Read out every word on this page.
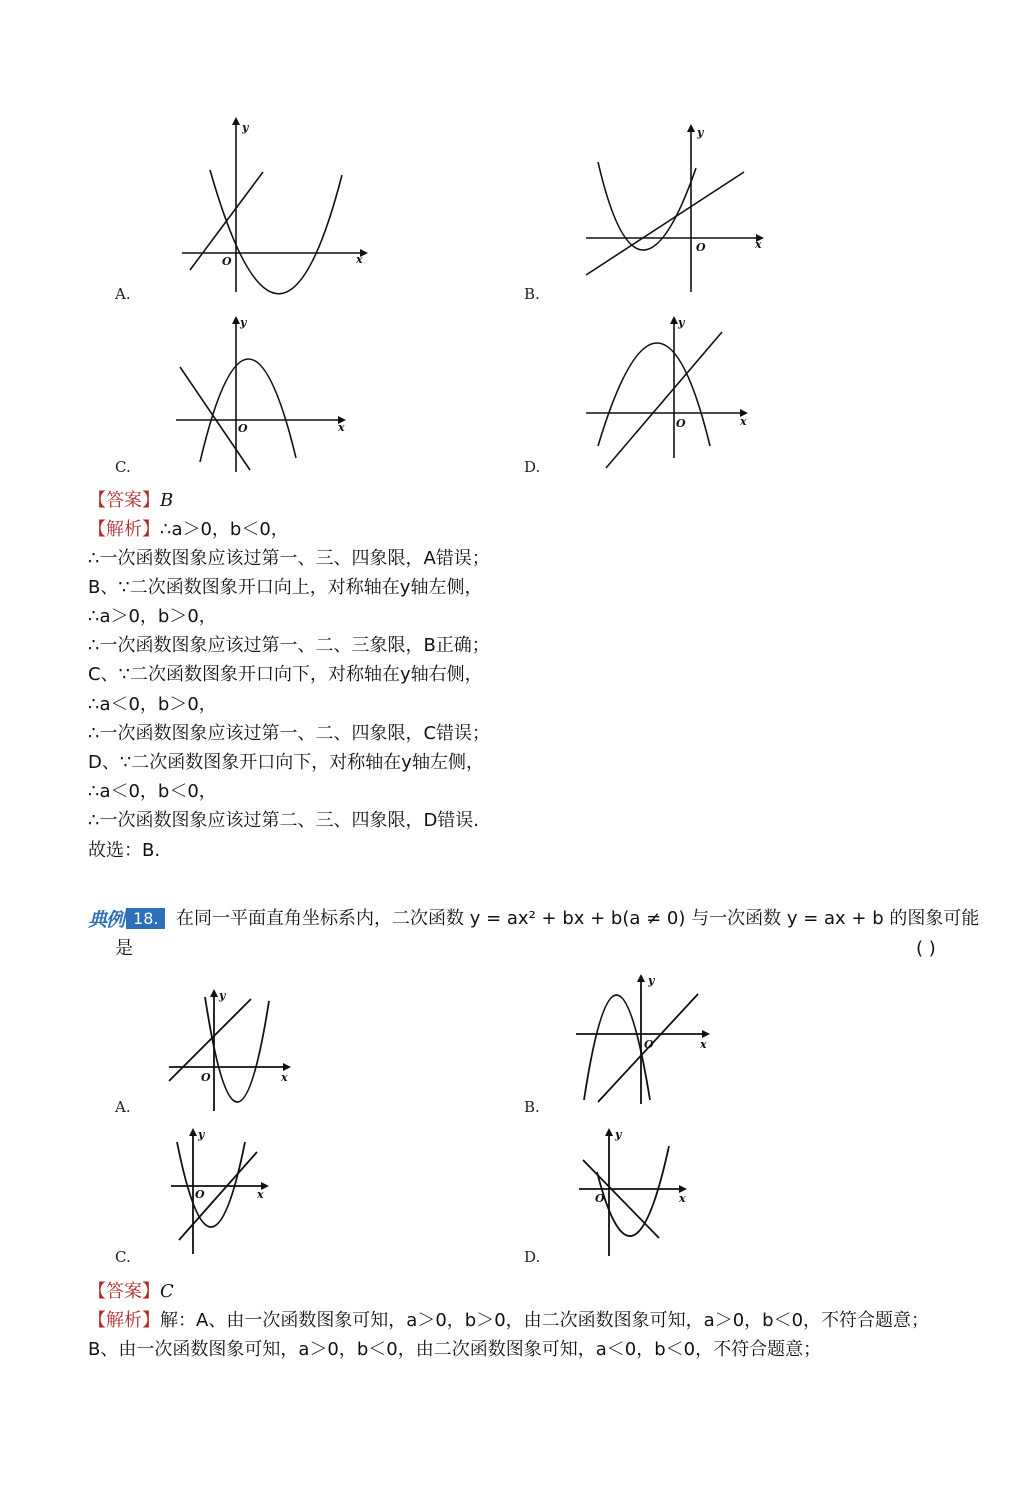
y
x
O
A.
y
x
O
B.
y
x
O
C.
y
x
O
D.
【答案】B
【解析】∴a＞0，b＜0，
∴一次函数图象应该过第一、三、四象限，A错误；
B、∵二次函数图象开口向上，对称轴在y轴左侧，
∴a＞0，b＞0，
∴一次函数图象应该过第一、二、三象限，B正确；
C、∵二次函数图象开口向下，对称轴在y轴右侧，
∴a＜0，b＞0，
∴一次函数图象应该过第一、二、四象限，C错误；
D、∵二次函数图象开口向下，对称轴在y轴左侧，
∴a＜0，b＜0，
∴一次函数图象应该过第二、三、四象限，D错误.
故选：B.
典例 18. 在同一平面直角坐标系内，二次函数 y = ax² + bx + b(a ≠ 0) 与一次函数 y = ax + b 的图象可能
是	( )
y
x
O
A.
y
x
O
B.
y
x
O
C.
y
x
O
D.
【答案】C
【解析】解：A、由一次函数图象可知，a＞0，b＞0，由二次函数图象可知，a＞0，b＜0，不符合题意；
B、由一次函数图象可知，a＞0，b＜0，由二次函数图象可知，a＜0，b＜0，不符合题意；
